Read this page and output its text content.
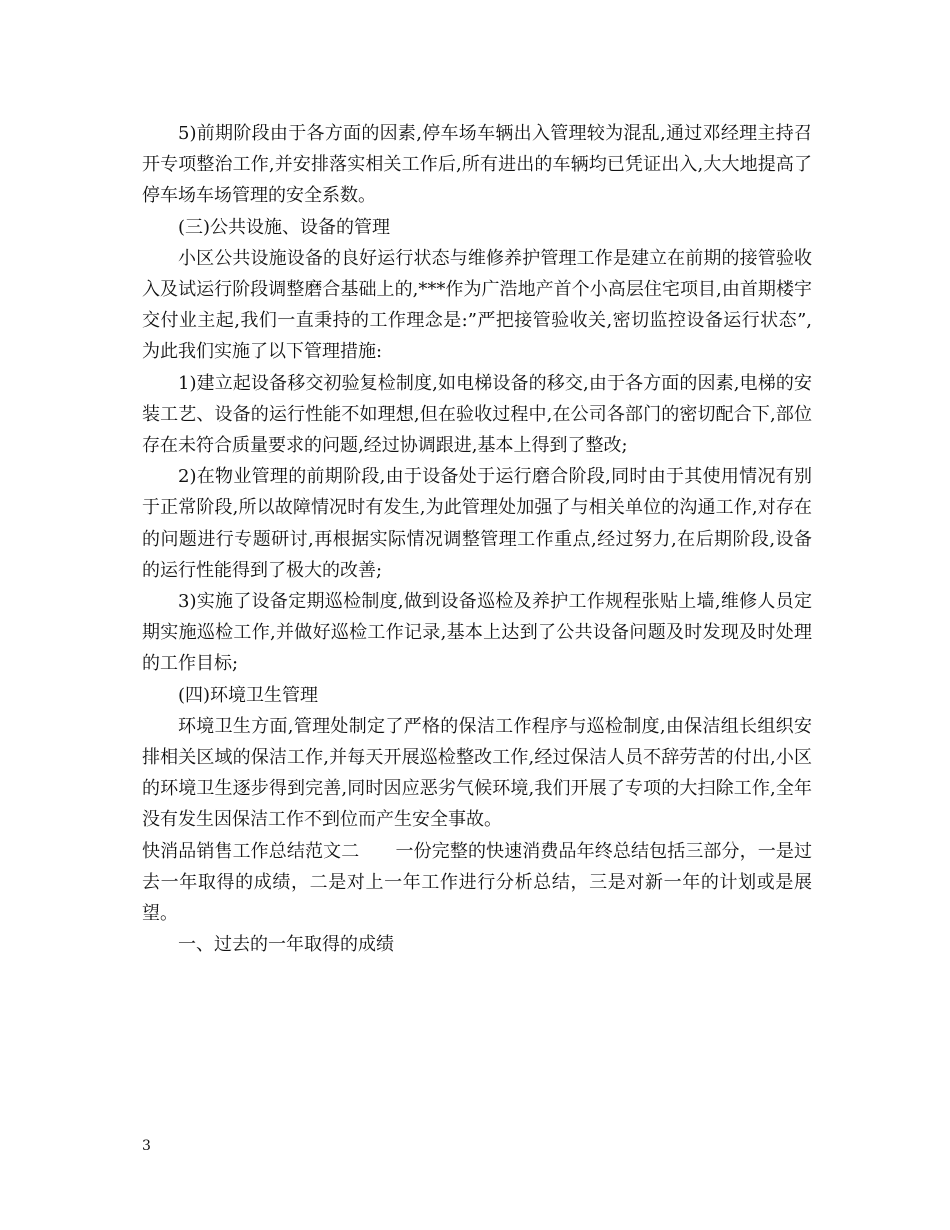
5)前期阶段由于各方面的因素,停车场车辆出入管理较为混乱,通过邓经理主持召开专项整治工作,并安排落实相关工作后,所有进出的车辆均已凭证出入,大大地提高了停车场车场管理的安全系数。

(三)公共设施、设备的管理

小区公共设施设备的良好运行状态与维修养护管理工作是建立在前期的接管验收入及试运行阶段调整磨合基础上的,***作为广浩地产首个小高层住宅项目,由首期楼宇交付业主起,我们一直秉持的工作理念是:”严把接管验收关,密切监控设备运行状态”,为此我们实施了以下管理措施:

1)建立起设备移交初验复检制度,如电梯设备的移交,由于各方面的因素,电梯的安装工艺、设备的运行性能不如理想,但在验收过程中,在公司各部门的密切配合下,部位存在未符合质量要求的问题,经过协调跟进,基本上得到了整改;

2)在物业管理的前期阶段,由于设备处于运行磨合阶段,同时由于其使用情况有别于正常阶段,所以故障情况时有发生,为此管理处加强了与相关单位的沟通工作,对存在的问题进行专题研讨,再根据实际情况调整管理工作重点,经过努力,在后期阶段,设备的运行性能得到了极大的改善;

3)实施了设备定期巡检制度,做到设备巡检及养护工作规程张贴上墙,维修人员定期实施巡检工作,并做好巡检工作记录,基本上达到了公共设备问题及时发现及时处理的工作目标;

(四)环境卫生管理

环境卫生方面,管理处制定了严格的保洁工作程序与巡检制度,由保洁组长组织安排相关区域的保洁工作,并每天开展巡检整改工作,经过保洁人员不辞劳苦的付出,小区的环境卫生逐步得到完善,同时因应恶劣气候环境,我们开展了专项的大扫除工作,全年没有发生因保洁工作不到位而产生安全事故。

快消品销售工作总结范文二 一份完整的快速消费品年终总结包括三部分，一是过去一年取得的成绩，二是对上一年工作进行分析总结，三是对新一年的计划或是展望。

一、过去的一年取得的成绩

3
